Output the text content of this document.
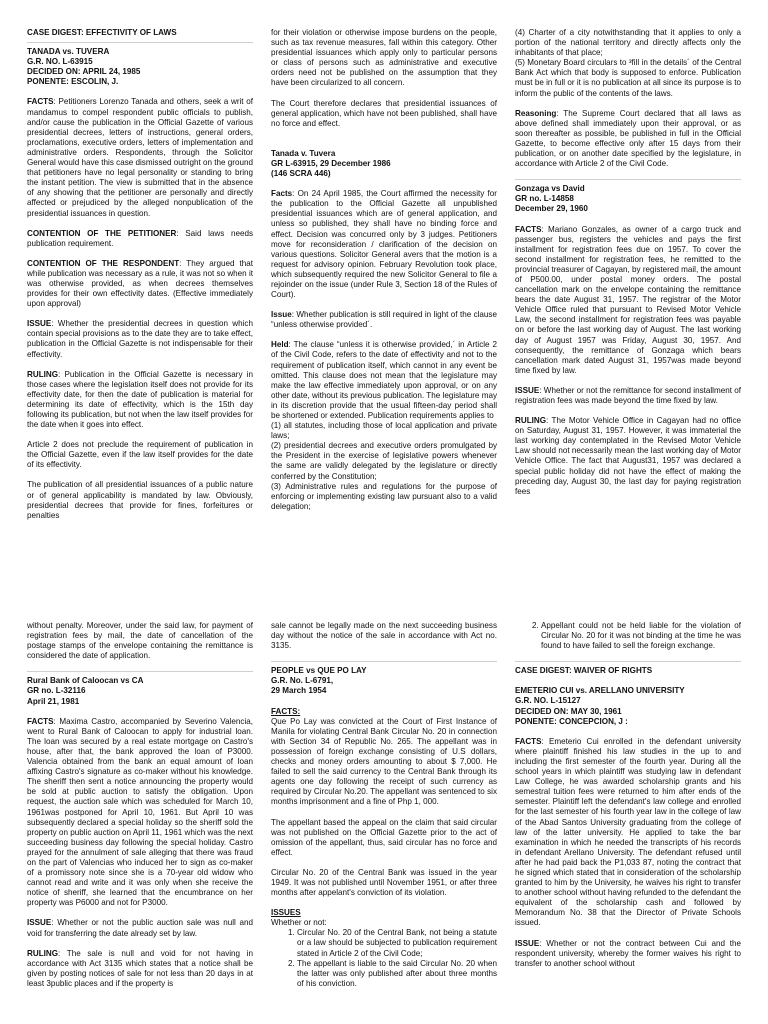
CASE DIGEST: EFFECTIVITY OF LAWS
TANADA vs. TUVERA
G.R. NO. L-63915
DECIDED ON: APRIL 24, 1985
PONENTE: ESCOLIN, J.

FACTS: Petitioners Lorenzo Tanada and others, seek a writ of mandamus to compel respondent public officials to publish, and/or cause the publication in the Official Gazette of various presidential decrees, letters of instructions, general orders, proclamations, executive orders, letters of implementation and administrative orders. Respondents, through the Solicitor General would have this case dismissed outright on the ground that petitioners have no legal personality or standing to bring the instant petition. The view is submitted that in the absence of any showing that the petitioner are personally and directly affected or prejudiced by the alleged nonpublication of the presidential issuances in question.

CONTENTION OF THE PETITIONER: Said laws needs publication requirement.

CONTENTION OF THE RESPONDENT: They argued that while publication was necessary as a rule, it was not so when it was otherwise provided, as when decrees themselves provides for their own effectivity dates. (Effective immediately upon approval)

ISSUE: Whether the presidential decrees in question which contain special provisions as to the date they are to take effect, publication in the Official Gazette is not indispensable for their effectivity.

RULING: Publication in the Official Gazette is necessary in those cases where the legislation itself does not provide for its effectivity date, for then the date of publication is material for determining its date of effectivity, which is the 15th day following its publication, but not when the law itself provides for the date when it goes into effect.

Article 2 does not preclude the requirement of publication in the Official Gazette, even if the law itself provides for the date of its effectivity.

The publication of all presidential issuances of a public nature or of general applicability is mandated by law. Obviously, presidential decrees that provide for fines, forfeitures or penalties

for their violation or otherwise impose burdens on the people, such as tax revenue measures, fall within this category. Other presidential issuances which apply only to particular persons or class of persons such as administrative and executive orders need not be published on the assumption that they have been circularized to all concern.

The Court therefore declares that presidential issuances of general application, which have not been published, shall have no force and effect.

Tanada v. Tuvera
GR L-63915, 29 December 1986
(146 SCRA 446)

Facts: On 24 April 1985, the Court affirmed the necessity for the publication to the Official Gazette all unpublished presidential issuances which are of general application, and unless so published, they shall have no binding force and effect. Decision was concurred only by 3 judges. Petitioners move for reconsideration / clarification of the decision on various questions. Solicitor General avers that the motion is a request for advisory opinion. February Revolution took place, which subsequently required the new Solicitor General to file a rejoinder on the issue (under Rule 3, Section 18 of the Rules of Court).

Issue: Whether publication is still required in light of the clause “unless otherwise provided´.

Held: The clause “unless it is otherwise provided,´ in Article 2 of the Civil Code, refers to the date of effectivity and not to the requirement of publication itself, which cannot in any event be omitted. This clause does not mean that the legislature may make the law effective immediately upon approval, or on any other date, without its previous publication. The legislature may in its discretion provide that the usual fifteen-day period shall be shortened or extended. Publication requirements applies to

(1) all statutes, including those of local application and private laws;
(2) presidential decrees and executive orders promulgated by the President in the exercise of legislative powers whenever the same are validly delegated by the legislature or directly conferred by the Constitution;
(3) Administrative rules and regulations for the purpose of enforcing or implementing existing law pursuant also to a valid delegation;

(4) Charter of a city notwithstanding that it applies to only a portion of the national territory and directly affects only the inhabitants of that place;

(5) Monetary Board circulars to ³fill in the details´ of the Central Bank Act which that body is supposed to enforce. Publication must be in full or it is no publication at all since its purpose is to inform the public of the contents of the laws.

Reasoning: The Supreme Court declared that all laws as above defined shall immediately upon their approval, or as soon thereafter as possible, be published in full in the Official Gazette, to become effective only after 15 days from their publication, or on another date specified by the legislature, in accordance with Article 2 of the Civil Code.

Gonzaga vs David
GR no. L-14858
December 29, 1960

FACTS: Mariano Gonzales, as owner of a cargo truck and passenger bus, registers the vehicles and pays the first installment for registration fees due on 1957. To cover the second installment for registration fees, he remitted to the provincial treasurer of Cagayan, by registered mail, the amount of P500.00, under postal money orders. The postal cancellation mark on the envelope containing the remittance bears the date August 31, 1957. The registrar of the Motor Vehicle Office ruled that pursuant to Revised Motor Vehicle Law, the second installment for registration fees was payable on or before the last working day of August. The last working day of August 1957 was Friday, August 30, 1957. And consequently, the remittance of Gonzaga which bears cancellation mark dated August 31, 1957was made beyond time fixed by law.

ISSUE: Whether or not the remittance for second installment of registration fees was made beyond the time fixed by law.

RULING: The Motor Vehicle Office in Cagayan had no office on Saturday, August 31, 1957. However, it was immaterial the last working day contemplated in the Revised Motor Vehicle Law should not necessarily mean the last working day of Motor Vehicle Office. The fact that August31, 1957 was declared a special public holiday did not have the effect of making the preceding day, August 30, the last day for paying registration fees

without penalty. Moreover, under the said law, for payment of registration fees by mail, the date of cancellation of the postage stamps of the envelope containing the remittance is considered the date of application.

Rural Bank of Caloocan vs CA
GR no. L-32116
April 21, 1981

FACTS: Maxima Castro, accompanied by Severino Valencia, went to Rural Bank of Caloocan to apply for industrial loan. The loan was secured by a real estate mortgage on Castro's house, after that, the bank approved the loan of P3000. Valencia obtained from the bank an equal amount of loan affixing Castro's signature as co-maker without his knowledge. The sheriff then sent a notice announcing the property would be sold at public auction to satisfy the obligation. Upon request, the auction sale which was scheduled for March 10, 1961was postponed for April 10, 1961. But April 10 was subsequently declared a special holiday so the sheriff sold the property on public auction on April 11, 1961 which was the next succeeding business day following the special holiday. Castro prayed for the annulment of sale alleging that there was fraud on the part of Valencias who induced her to sign as co-maker of a promissory note since she is a 70-year old widow who cannot read and write and it was only when she receive the notice of sheriff, she learned that the encumbrance on her property was P6000 and not for P3000.

ISSUE: Whether or not the public auction sale was null and void for transferring the date already set by law.

RULING: The sale is null and void for not having in accordance with Act 3135 which states that a notice shall be given by posting notices of sale for not less than 20 days in at least 3public places and if the property is

sale cannot be legally made on the next succeeding business day without the notice of the sale in accordance with Act no. 3135.

PEOPLE vs QUE PO LAY
G.R. No. L-6791,
29 March 1954
FACTS:

Que Po Lay was convicted at the Court of First Instance of Manila for violating Central Bank Circular No. 20 in connection with Section 34 of Republic No. 265. The appellant was in possession of foreign exchange consisting of U.S dollars, checks and money orders amounting to about $ 7,000. He failed to sell the said currency to the Central Bank through its agents one day following the receipt of such currency as required by Circular No.20. The appellant was sentenced to six months imprisonment and a fine of Php 1, 000.

The appellant based the appeal on the claim that said circular was not published on the Official Gazette prior to the act of omission of the appellant, thus, said circular has no force and effect.

Circular No. 20 of the Central Bank was issued in the year 1949. It was not published until November 1951, or after three months after appelant's conviction of its violation.

ISSUES
Whether or not:
1. Circular No. 20 of the Central Bank, not being a statute or a law should be subjected to publication requirement stated in Article 2 of the Civil Code;
2. The appellant is liable to the said Circular No. 20 when the latter was only published after about three months of his conviction.
2. Appellant could not be held liable for the violation of Circular No. 20 for it was not binding at the time he was found to have failed to sell the foreign exchange.
CASE DIGEST: WAIVER OF RIGHTS
EMETERIO CUI vs. ARELLANO UNIVERSITY
G.R. NO. L-15127
DECIDED ON: MAY 30, 1961
PONENTE: CONCEPCION, J :

FACTS: Emeterio Cui enrolled in the defendant university where plaintiff finished his law studies in the up to and including the first semester of the fourth year. During all the school years in which plaintiff was studying law in defendant Law College, he was awarded scholarship grants and his semestral tuition fees were returned to him after ends of the semester. Plaintiff left the defendant's law college and enrolled for the last semester of his fourth year law in the college of law of the Abad Santos University graduating from the college of law of the latter university. He applied to take the bar examination in which he needed the transcripts of his records in defendant Arellano University. The defendant refused until after he had paid back the P1,033 87, noting the contract that he signed which stated that in consideration of the scholarship granted to him by the University, he waives his right to transfer to another school without having refunded to the defendant the equivalent of the scholarship cash and followed by Memorandum No. 38 that the Director of Private Schools issued.

ISSUE: Whether or not the contract between Cui and the respondent university, whereby the former waives his right to transfer to another school without
